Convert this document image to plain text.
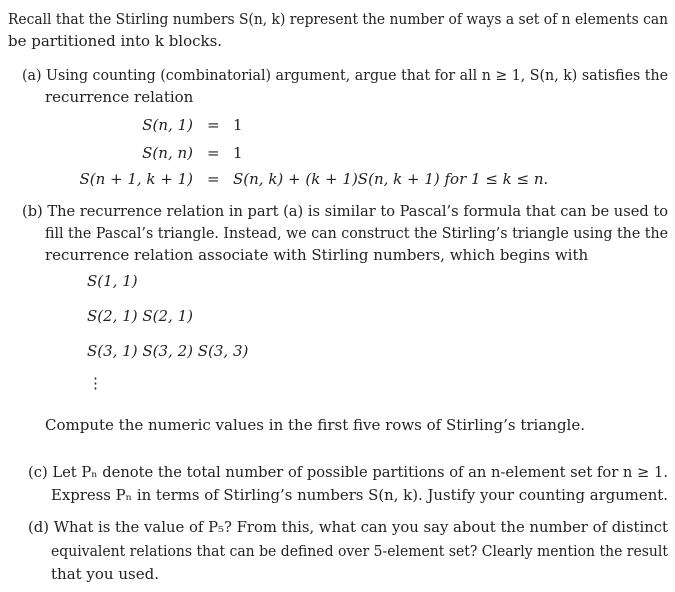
Recall that the Stirling numbers S(n, k) represent the number of ways a set of n elements can
be partitioned into k blocks.
(a) Using counting (combinatorial) argument, argue that for all n ≥ 1, S(n, k) satisfies the
recurrence relation
S(n, 1) = 1
S(n, n) = 1
S(n + 1, k + 1) = S(n, k) + (k + 1)S(n, k + 1) for 1 ≤ k ≤ n.
(b) The recurrence relation in part (a) is similar to Pascal’s formula that can be used to
fill the Pascal’s triangle. Instead, we can construct the Stirling’s triangle using the the
recurrence relation associate with Stirling numbers, which begins with
S(1, 1)
S(2, 1) S(2, 1)
S(3, 1) S(3, 2) S(3, 3)
⋮
Compute the numeric values in the first five rows of Stirling’s triangle.
(c) Let Pₙ denote the total number of possible partitions of an n-element set for n ≥ 1.
Express Pₙ in terms of Stirling’s numbers S(n, k). Justify your counting argument.
(d) What is the value of P₅? From this, what can you say about the number of distinct
equivalent relations that can be defined over 5-element set? Clearly mention the result
that you used.
